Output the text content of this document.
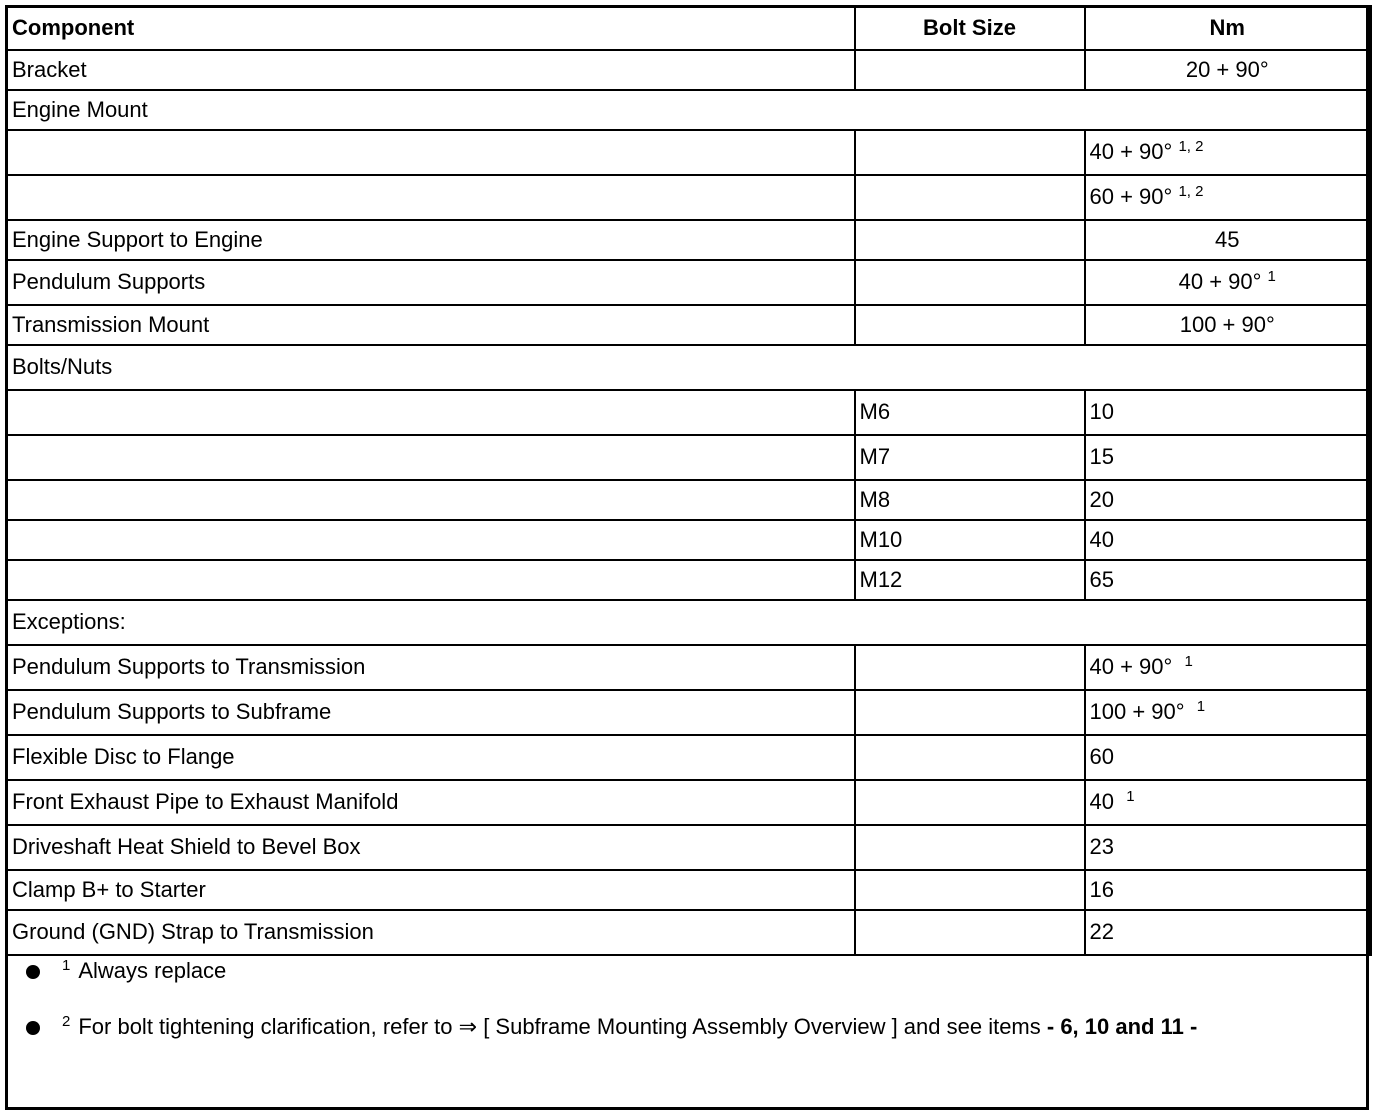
Component	Bolt Size	Nm
Bracket		20 + 90°
Engine Mount		
		40 + 90° $^{1, 2}$
		60 + 90° $^{1, 2}$
Engine Support to Engine		45
Pendulum Supports		40 + 90° $^1$
Transmission Mount		100 + 90°
Bolts/Nuts		
	M6	10
	M7	15
	M8	20
	M10	40
	M12	65
Exceptions:		
Pendulum Supports to Transmission		40 + 90° $^1$
Pendulum Supports to Subframe		100 + 90° $^1$
Flexible Disc to Flange		60
Front Exhaust Pipe to Exhaust Manifold		40 $^1$
Driveshaft Heat Shield to Bevel Box		23
Clamp B+ to Starter		16
Ground (GND) Strap to Transmission		22
$^1$ Always replace
$^2$ For bolt tightening clarification, refer to ⇒ [ Subframe Mounting Assembly Overview ] and see items - 6, 10 and 11 -
